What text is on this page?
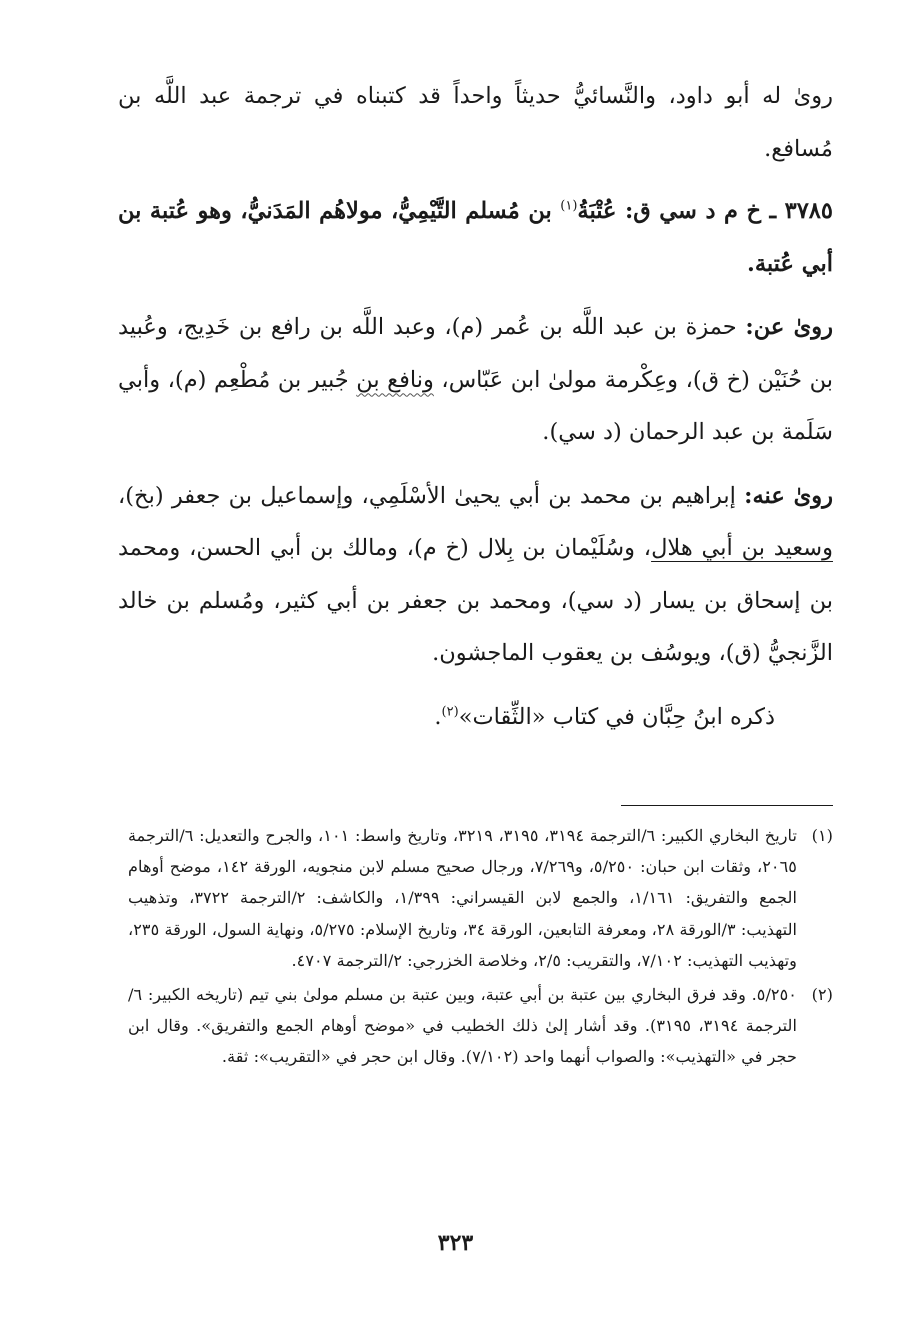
روىٰ له أبو داود، والنَّسائيُّ حديثاً واحداً قد كتبناه في ترجمة عبد اللَّه بن مُسافع.

٣٧٨٥ ـ خ م د سي ق: عُتْبَةُ$^{(١)}$ بن مُسلم التَّيْمِيُّ، مولاهُم المَدَنيُّ، وهو عُتبة بن أبي عُتبة.

روىٰ عن: حمزة بن عبد اللَّه بن عُمر (م)، وعبد اللَّه بن رافع بن خَدِيج، وعُبيد بن حُنَيْن (خ ق)، وعِكْرمة مولىٰ ابن عَبّاس، ونافع بن جُبير بن مُطْعِم (م)، وأبي سَلَمة بن عبد الرحمان (د سي).

روىٰ عنه: إبراهيم بن محمد بن أبي يحيىٰ الأسْلَمِي، وإسماعيل بن جعفر (بخ)، وسعيد بن أبي هلال، وسُلَيْمان بن بِلال (خ م)، ومالك بن أبي الحسن، ومحمد بن إسحاق بن يسار (د سي)، ومحمد بن جعفر بن أبي كثير، ومُسلم بن خالد الزَّنجيُّ (ق)، ويوسُف بن يعقوب الماجشون.

ذكره ابنُ حِبَّان في كتاب «الثِّقات»$^{(٢)}$.

(١)
تاريخ البخاري الكبير: ٦/الترجمة ٣١٩٤، ٣١٩٥، ٣٢١٩، وتاريخ واسط: ١٠١، والجرح والتعديل: ٦/الترجمة ٢٠٦٥، وثقات ابن حبان: ٥/٢٥٠، و٧/٢٦٩، ورجال صحيح مسلم لابن منجويه، الورقة ١٤٢، موضح أوهام الجمع والتفريق: ١/١٦١، والجمع لابن القيسراني: ١/٣٩٩، والكاشف: ٢/الترجمة ٣٧٢٢، وتذهيب التهذيب: ٣/الورقة ٢٨، ومعرفة التابعين، الورقة ٣٤، وتاريخ الإسلام: ٥/٢٧٥، ونهاية السول، الورقة ٢٣٥، وتهذيب التهذيب: ٧/١٠٢، والتقريب: ٢/٥، وخلاصة الخزرجي: ٢/الترجمة ٤٧٠٧.

(٢)
٥/٢٥٠. وقد فرق البخاري بين عتبة بن أبي عتبة، وبين عتبة بن مسلم مولىٰ بني تيم (تاريخه الكبير: ٦/الترجمة ٣١٩٤، ٣١٩٥). وقد أشار إلىٰ ذلك الخطيب في «موضح أوهام الجمع والتفريق». وقال ابن حجر في «التهذيب»: والصواب أنهما واحد (٧/١٠٢). وقال ابن حجر في «التقريب»: ثقة.

٣٢٣
